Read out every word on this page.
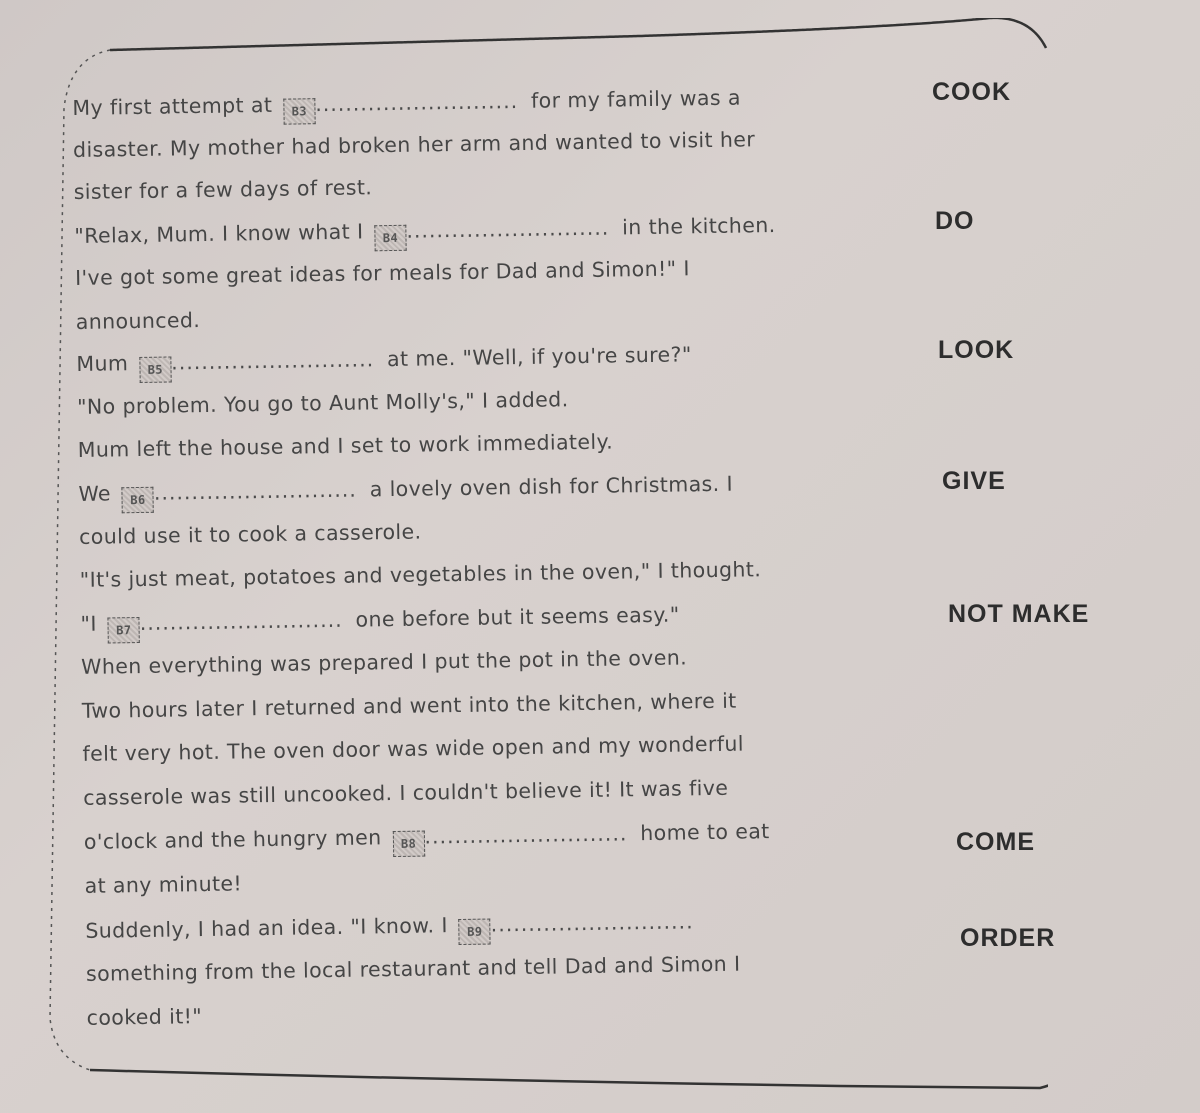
My first attempt at B3 ........................... for my family was a
disaster. My mother had broken her arm and wanted to visit her
sister for a few days of rest.
"Relax, Mum. I know what I B4 ........................... in the kitchen.
I've got some great ideas for meals for Dad and Simon!" I
announced.
Mum B5 ........................... at me. "Well, if you're sure?"
"No problem. You go to Aunt Molly's," I added.
Mum left the house and I set to work immediately.
We B6 ........................... a lovely oven dish for Christmas. I
could use it to cook a casserole.
"It's just meat, potatoes and vegetables in the oven," I thought.
"I B7 ........................... one before but it seems easy."
When everything was prepared I put the pot in the oven.
Two hours later I returned and went into the kitchen, where it
felt very hot. The oven door was wide open and my wonderful
casserole was still uncooked. I couldn't believe it! It was five
o'clock and the hungry men B8 ........................... home to eat
at any minute!
Suddenly, I had an idea. "I know. I B9 ...........................
something from the local restaurant and tell Dad and Simon I
cooked it!"
COOK
DO
LOOK
GIVE
NOT MAKE
COME
ORDER
